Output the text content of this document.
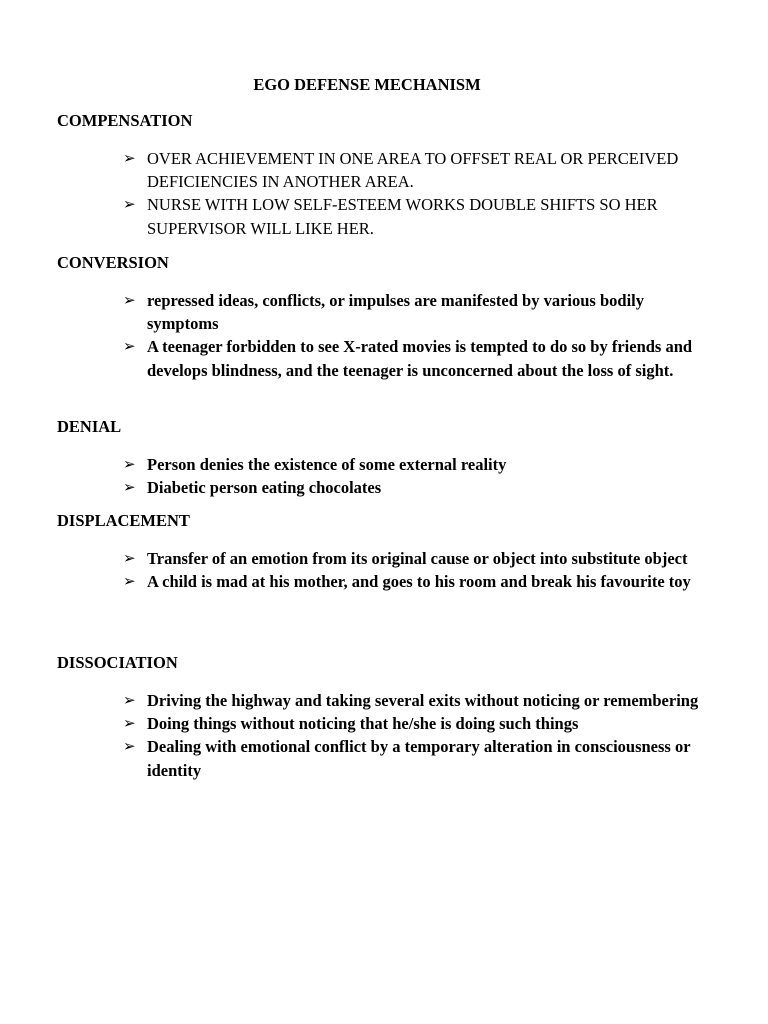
EGO DEFENSE MECHANISM

COMPENSATION

➢ OVER ACHIEVEMENT IN ONE AREA TO OFFSET REAL OR PERCEIVED DEFICIENCIES IN ANOTHER AREA.
➢ NURSE WITH LOW SELF-ESTEEM WORKS DOUBLE SHIFTS SO HER SUPERVISOR WILL LIKE HER.

CONVERSION

➢ repressed ideas, conflicts, or impulses are manifested by various bodily symptoms
➢ A teenager forbidden to see X-rated movies is tempted to do so by friends and develops blindness, and the teenager is unconcerned about the loss of sight.

DENIAL

➢ Person denies the existence of some external reality
➢ Diabetic person eating chocolates

DISPLACEMENT

➢ Transfer of an emotion from its original cause or object into substitute object
➢ A child is mad at his mother, and goes to his room and break his favourite toy

DISSOCIATION

➢ Driving the highway and taking several exits without noticing or remembering
➢ Doing things without noticing that he/she is doing such things
➢ Dealing with emotional conflict by a temporary alteration in consciousness or identity
